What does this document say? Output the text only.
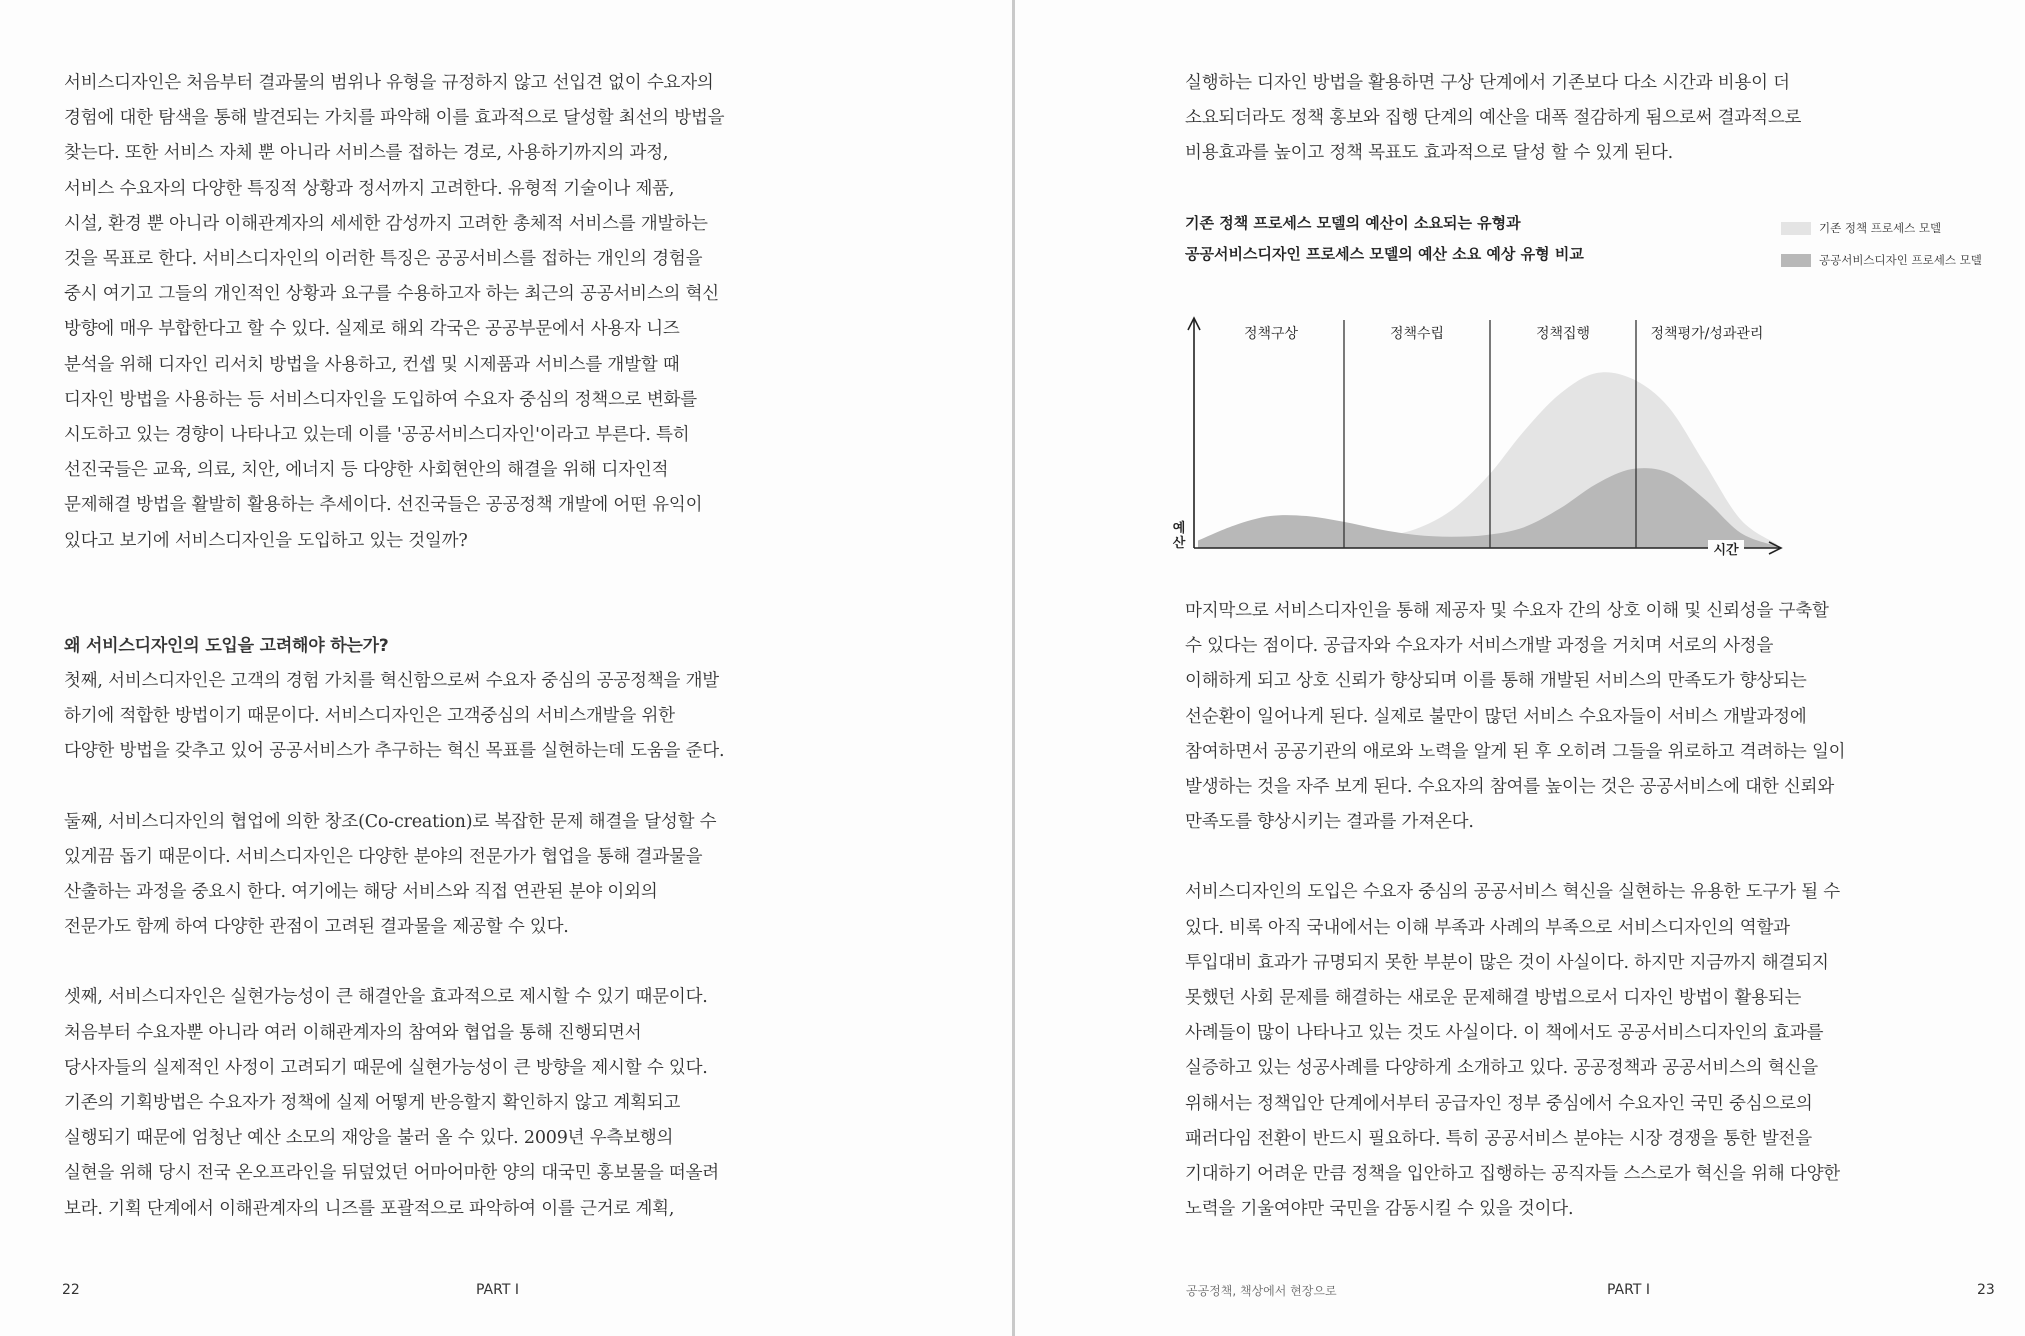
서비스디자인은 처음부터 결과물의 범위나 유형을 규정하지 않고 선입견 없이 수요자의

경험에 대한 탐색을 통해 발견되는 가치를 파악해 이를 효과적으로 달성할 최선의 방법을

찾는다. 또한 서비스 자체 뿐 아니라 서비스를 접하는 경로, 사용하기까지의 과정,

서비스 수요자의 다양한 특징적 상황과 정서까지 고려한다. 유형적 기술이나 제품,

시설, 환경 뿐 아니라 이해관계자의 세세한 감성까지 고려한 총체적 서비스를 개발하는

것을 목표로 한다. 서비스디자인의 이러한 특징은 공공서비스를 접하는 개인의 경험을

중시 여기고 그들의 개인적인 상황과 요구를 수용하고자 하는 최근의 공공서비스의 혁신

방향에 매우 부합한다고 할 수 있다. 실제로 해외 각국은 공공부문에서 사용자 니즈

분석을 위해 디자인 리서치 방법을 사용하고, 컨셉 및 시제품과 서비스를 개발할 때

디자인 방법을 사용하는 등 서비스디자인을 도입하여 수요자 중심의 정책으로 변화를

시도하고 있는 경향이 나타나고 있는데 이를 '공공서비스디자인'이라고 부른다. 특히

선진국들은 교육, 의료, 치안, 에너지 등 다양한 사회현안의 해결을 위해 디자인적

문제해결 방법을 활발히 활용하는 추세이다. 선진국들은 공공정책 개발에 어떤 유익이

있다고 보기에 서비스디자인을 도입하고 있는 것일까?

왜 서비스디자인의 도입을 고려해야 하는가?

첫째, 서비스디자인은 고객의 경험 가치를 혁신함으로써 수요자 중심의 공공정책을 개발

하기에 적합한 방법이기 때문이다. 서비스디자인은 고객중심의 서비스개발을 위한

다양한 방법을 갖추고 있어 공공서비스가 추구하는 혁신 목표를 실현하는데 도움을 준다.

둘째, 서비스디자인의 협업에 의한 창조(Co-creation)로 복잡한 문제 해결을 달성할 수

있게끔 돕기 때문이다. 서비스디자인은 다양한 분야의 전문가가 협업을 통해 결과물을

산출하는 과정을 중요시 한다. 여기에는 해당 서비스와 직접 연관된 분야 이외의

전문가도 함께 하여 다양한 관점이 고려된 결과물을 제공할 수 있다.

셋째, 서비스디자인은 실현가능성이 큰 해결안을 효과적으로 제시할 수 있기 때문이다.

처음부터 수요자뿐 아니라 여러 이해관계자의 참여와 협업을 통해 진행되면서

당사자들의 실제적인 사정이 고려되기 때문에 실현가능성이 큰 방향을 제시할 수 있다.

기존의 기획방법은 수요자가 정책에 실제 어떻게 반응할지 확인하지 않고 계획되고

실행되기 때문에 엄청난 예산 소모의 재앙을 불러 올 수 있다. 2009년 우측보행의

실현을 위해 당시 전국 온오프라인을 뒤덮었던 어마어마한 양의 대국민 홍보물을 떠올려

보라. 기획 단계에서 이해관계자의 니즈를 포괄적으로 파악하여 이를 근거로 계획,

22	PART I

실행하는 디자인 방법을 활용하면 구상 단계에서 기존보다 다소 시간과 비용이 더

소요되더라도 정책 홍보와 집행 단계의 예산을 대폭 절감하게 됨으로써 결과적으로

비용효과를 높이고 정책 목표도 효과적으로 달성 할 수 있게 된다.

기존 정책 프로세스 모델의 예산이 소요되는 유형과
공공서비스디자인 프로세스 모델의 예산 소요 예상 유형 비교
기존 정책 프로세스 모델
공공서비스디자인 프로세스 모델
정책구상	정책수립	정책집행	정책평가/성과관리
시간
예 산

마지막으로 서비스디자인을 통해 제공자 및 수요자 간의 상호 이해 및 신뢰성을 구축할

수 있다는 점이다. 공급자와 수요자가 서비스개발 과정을 거치며 서로의 사정을

이해하게 되고 상호 신뢰가 향상되며 이를 통해 개발된 서비스의 만족도가 향상되는

선순환이 일어나게 된다. 실제로 불만이 많던 서비스 수요자들이 서비스 개발과정에

참여하면서 공공기관의 애로와 노력을 알게 된 후 오히려 그들을 위로하고 격려하는 일이

발생하는 것을 자주 보게 된다. 수요자의 참여를 높이는 것은 공공서비스에 대한 신뢰와

만족도를 향상시키는 결과를 가져온다.

서비스디자인의 도입은 수요자 중심의 공공서비스 혁신을 실현하는 유용한 도구가 될 수

있다. 비록 아직 국내에서는 이해 부족과 사례의 부족으로 서비스디자인의 역할과

투입대비 효과가 규명되지 못한 부분이 많은 것이 사실이다. 하지만 지금까지 해결되지

못했던 사회 문제를 해결하는 새로운 문제해결 방법으로서 디자인 방법이 활용되는

사례들이 많이 나타나고 있는 것도 사실이다. 이 책에서도 공공서비스디자인의 효과를

실증하고 있는 성공사례를 다양하게 소개하고 있다. 공공정책과 공공서비스의 혁신을

위해서는 정책입안 단계에서부터 공급자인 정부 중심에서 수요자인 국민 중심으로의

패러다임 전환이 반드시 필요하다. 특히 공공서비스 분야는 시장 경쟁을 통한 발전을

기대하기 어려운 만큼 정책을 입안하고 집행하는 공직자들 스스로가 혁신을 위해 다양한

노력을 기울여야만 국민을 감동시킬 수 있을 것이다.

공공정책, 책상에서 현장으로	PART I	23
